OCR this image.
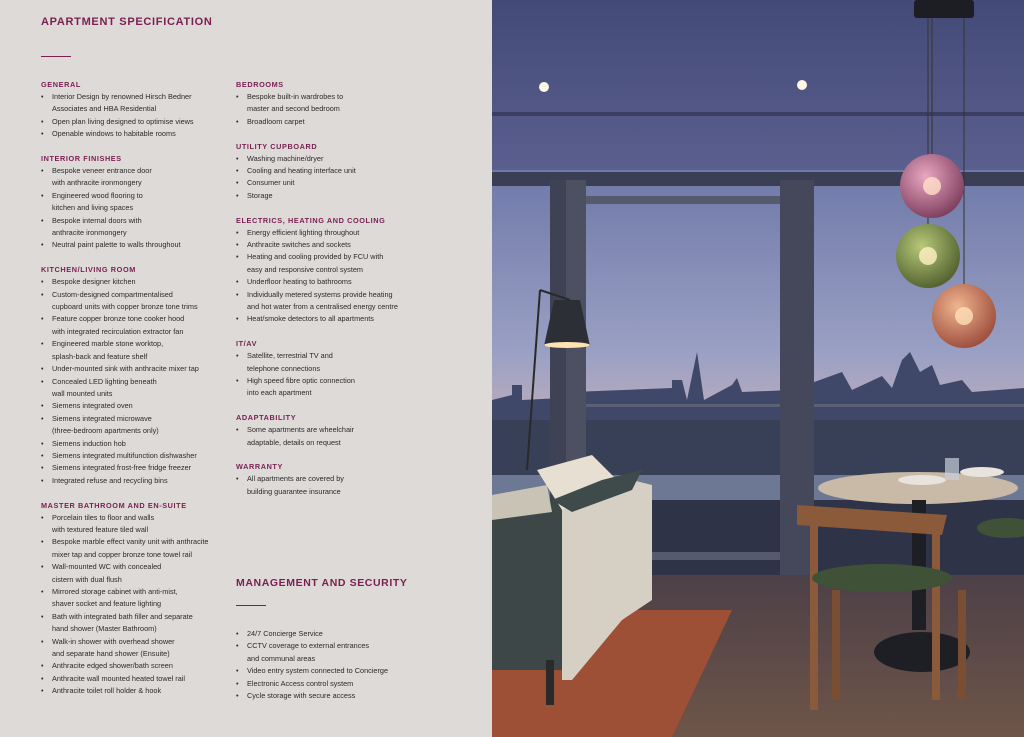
APARTMENT SPECIFICATION
GENERAL
• Interior Design by renowned Hirsch Bedner
Associates and HBA Residential
• Open plan living designed to optimise views
• Openable windows to habitable rooms
INTERIOR FINISHES
• Bespoke veneer entrance door
with anthracite ironmongery
• Engineered wood flooring to
kitchen and living spaces
• Bespoke internal doors with
anthracite ironmongery
• Neutral paint palette to walls throughout
KITCHEN/LIVING ROOM
• Bespoke designer kitchen
• Custom-designed compartmentalised
cupboard units with copper bronze tone trims
• Feature copper bronze tone cooker hood
with integrated recirculation extractor fan
• Engineered marble stone worktop,
splash-back and feature shelf
• Under-mounted sink with anthracite mixer tap
• Concealed LED lighting beneath
wall mounted units
• Siemens integrated oven
• Siemens integrated microwave
(three-bedroom apartments only)
• Siemens induction hob
• Siemens integrated multifunction dishwasher
• Siemens integrated frost-free fridge freezer
• Integrated refuse and recycling bins
MASTER BATHROOM AND EN-SUITE
• Porcelain tiles to floor and walls
with textured feature tiled wall
• Bespoke marble effect vanity unit with anthracite
mixer tap and copper bronze tone towel rail
• Wall-mounted WC with concealed
cistern with dual flush
• Mirrored storage cabinet with anti-mist,
shaver socket and feature lighting
• Bath with integrated bath filler and separate
hand shower (Master Bathroom)
• Walk-in shower with overhead shower
and separate hand shower (Ensuite)
• Anthracite edged shower/bath screen
• Anthracite wall mounted heated towel rail
• Anthracite toilet roll holder & hook
BEDROOMS
• Bespoke built-in wardrobes to
master and second bedroom
• Broadloom carpet
UTILITY CUPBOARD
• Washing machine/dryer
• Cooling and heating interface unit
• Consumer unit
• Storage
ELECTRICS, HEATING AND COOLING
• Energy efficient lighting throughout
• Anthracite switches and sockets
• Heating and cooling provided by FCU with
easy and responsive control system
• Underfloor heating to bathrooms
• Individually metered systems provide heating
and hot water from a centralised energy centre
• Heat/smoke detectors to all apartments
IT/AV
• Satellite, terrestrial TV and
telephone connections
• High speed fibre optic connection
into each apartment
ADAPTABILITY
• Some apartments are wheelchair
adaptable, details on request
WARRANTY
• All apartments are covered by
building guarantee insurance
MANAGEMENT AND SECURITY
• 24/7 Concierge Service
• CCTV coverage to external entrances
and communal areas
• Video entry system connected to Concierge
• Electronic Access control system
• Cycle storage with secure access
